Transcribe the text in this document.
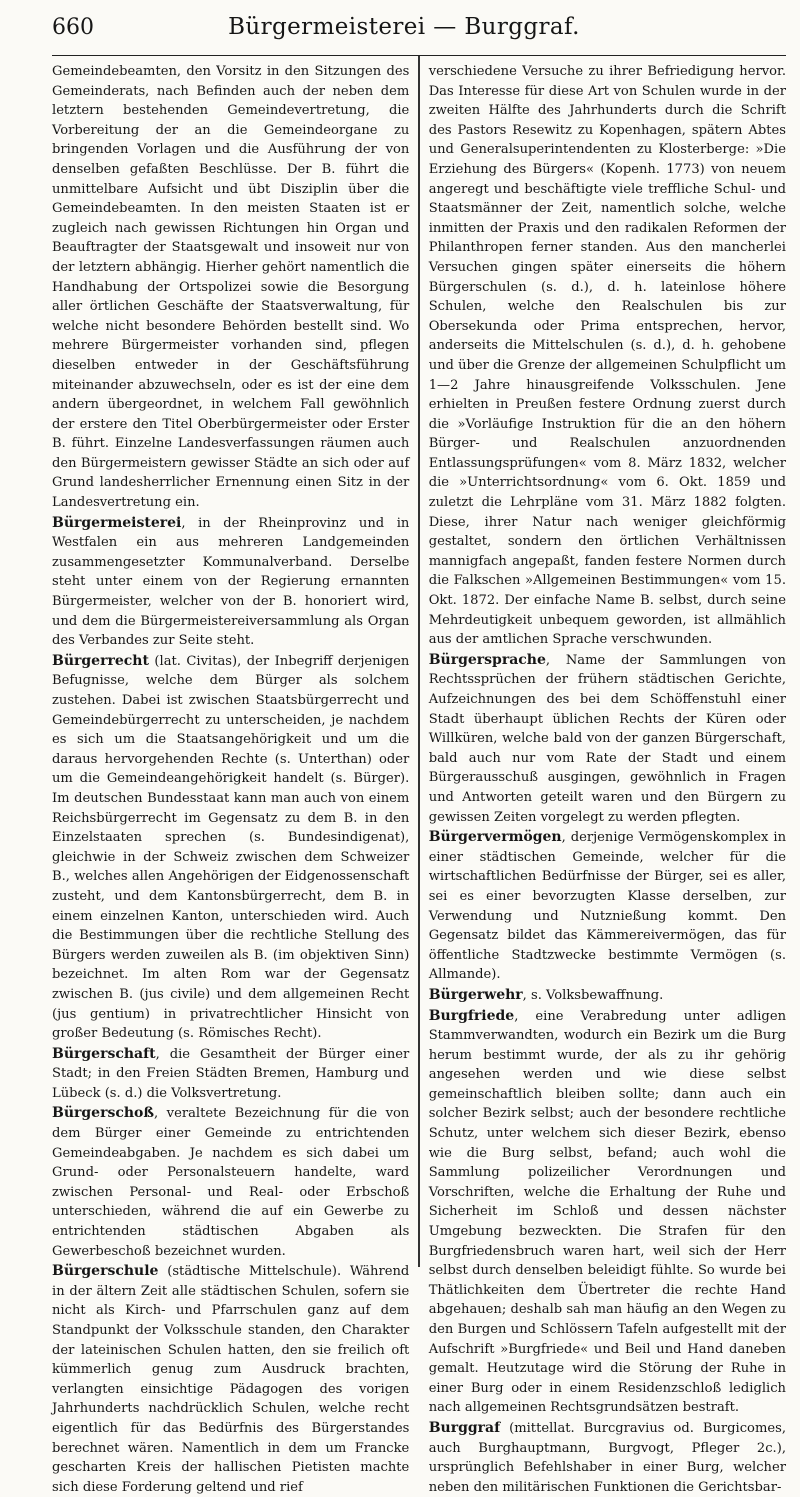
660	Bürgermeisterei — Burggraf.

Gemeindebeamten, den Vorsitz in den Sitzungen des Gemeinderats, nach Befinden auch der neben dem letztern bestehenden Gemeindevertretung, die Vorbereitung der an die Gemeindeorgane zu bringenden Vorlagen und die Ausführung der von denselben gefaßten Beschlüsse. Der B. führt die unmittelbare Aufsicht und übt Disziplin über die Gemeindebeamten. In den meisten Staaten ist er zugleich nach gewissen Richtungen hin Organ und Beauftragter der Staatsgewalt und insoweit nur von der letztern abhängig. Hierher gehört namentlich die Handhabung der Ortspolizei sowie die Besorgung aller örtlichen Geschäfte der Staatsverwaltung, für welche nicht besondere Behörden bestellt sind. Wo mehrere Bürgermeister vorhanden sind, pflegen dieselben entweder in der Geschäftsführung miteinander abzuwechseln, oder es ist der eine dem andern übergeordnet, in welchem Fall gewöhnlich der erstere den Titel Oberbürgermeister oder Erster B. führt. Einzelne Landesverfassungen räumen auch den Bürgermeistern gewisser Städte an sich oder auf Grund landesherrlicher Ernennung einen Sitz in der Landesvertretung ein.

Bürgermeisterei, in der Rheinprovinz und in Westfalen ein aus mehreren Landgemeinden zusammengesetzter Kommunalverband. Derselbe steht unter einem von der Regierung ernannten Bürgermeister, welcher von der B. honoriert wird, und dem die Bürgermeistereiversammlung als Organ des Verbandes zur Seite steht.

Bürgerrecht (lat. Civitas), der Inbegriff derjenigen Befugnisse, welche dem Bürger als solchem zustehen. Dabei ist zwischen Staatsbürgerrecht und Gemeindebürgerrecht zu unterscheiden, je nachdem es sich um die Staatsangehörigkeit und um die daraus hervorgehenden Rechte (s. Unterthan) oder um die Gemeindeangehörigkeit handelt (s. Bürger). Im deutschen Bundesstaat kann man auch von einem Reichsbürgerrecht im Gegensatz zu dem B. in den Einzelstaaten sprechen (s. Bundesindigenat), gleichwie in der Schweiz zwischen dem Schweizer B., welches allen Angehörigen der Eidgenossenschaft zusteht, und dem Kantonsbürgerrecht, dem B. in einem einzelnen Kanton, unterschieden wird. Auch die Bestimmungen über die rechtliche Stellung des Bürgers werden zuweilen als B. (im objektiven Sinn) bezeichnet. Im alten Rom war der Gegensatz zwischen B. (jus civile) und dem allgemeinen Recht (jus gentium) in privatrechtlicher Hinsicht von großer Bedeutung (s. Römisches Recht).

Bürgerschaft, die Gesamtheit der Bürger einer Stadt; in den Freien Städten Bremen, Hamburg und Lübeck (s. d.) die Volksvertretung.

Bürgerschoß, veraltete Bezeichnung für die von dem Bürger einer Gemeinde zu entrichtenden Gemeindeabgaben. Je nachdem es sich dabei um Grund- oder Personalsteuern handelte, ward zwischen Personal- und Real- oder Erbschoß unterschieden, während die auf ein Gewerbe zu entrichtenden städtischen Abgaben als Gewerbeschoß bezeichnet wurden.

Bürgerschule (städtische Mittelschule). Während in der ältern Zeit alle städtischen Schulen, sofern sie nicht als Kirch- und Pfarrschulen ganz auf dem Standpunkt der Volksschule standen, den Charakter der lateinischen Schulen hatten, den sie freilich oft kümmerlich genug zum Ausdruck brachten, verlangten einsichtige Pädagogen des vorigen Jahrhunderts nachdrücklich Schulen, welche recht eigentlich für das Bedürfnis des Bürgerstandes berechnet wären. Namentlich in dem um Francke gescharten Kreis der hallischen Pietisten machte sich diese Forderung geltend und rief

verschiedene Versuche zu ihrer Befriedigung hervor. Das Interesse für diese Art von Schulen wurde in der zweiten Hälfte des Jahrhunderts durch die Schrift des Pastors Resewitz zu Kopenhagen, spätern Abtes und Generalsuperintendenten zu Klosterberge: »Die Erziehung des Bürgers« (Kopenh. 1773) von neuem angeregt und beschäftigte viele treffliche Schul- und Staatsmänner der Zeit, namentlich solche, welche inmitten der Praxis und den radikalen Reformen der Philanthropen ferner standen. Aus den mancherlei Versuchen gingen später einerseits die höhern Bürgerschulen (s. d.), d. h. lateinlose höhere Schulen, welche den Realschulen bis zur Obersekunda oder Prima entsprechen, hervor, anderseits die Mittelschulen (s. d.), d. h. gehobene und über die Grenze der allgemeinen Schulpflicht um 1—2 Jahre hinausgreifende Volksschulen. Jene erhielten in Preußen festere Ordnung zuerst durch die »Vorläufige Instruktion für die an den höhern Bürger- und Realschulen anzuordnenden Entlassungsprüfungen« vom 8. März 1832, welcher die »Unterrichtsordnung« vom 6. Okt. 1859 und zuletzt die Lehrpläne vom 31. März 1882 folgten. Diese, ihrer Natur nach weniger gleichförmig gestaltet, sondern den örtlichen Verhältnissen mannigfach angepaßt, fanden festere Normen durch die Falkschen »Allgemeinen Bestimmungen« vom 15. Okt. 1872. Der einfache Name B. selbst, durch seine Mehrdeutigkeit unbequem geworden, ist allmählich aus der amtlichen Sprache verschwunden.

Bürgersprache, Name der Sammlungen von Rechtssprüchen der frühern städtischen Gerichte, Aufzeichnungen des bei dem Schöffenstuhl einer Stadt überhaupt üblichen Rechts der Küren oder Willküren, welche bald von der ganzen Bürgerschaft, bald auch nur vom Rate der Stadt und einem Bürgerausschuß ausgingen, gewöhnlich in Fragen und Antworten geteilt waren und den Bürgern zu gewissen Zeiten vorgelegt zu werden pflegten.

Bürgervermögen, derjenige Vermögenskomplex in einer städtischen Gemeinde, welcher für die wirtschaftlichen Bedürfnisse der Bürger, sei es aller, sei es einer bevorzugten Klasse derselben, zur Verwendung und Nutznießung kommt. Den Gegensatz bildet das Kämmereivermögen, das für öffentliche Stadtzwecke bestimmte Vermögen (s. Allmande).

Bürgerwehr, s. Volksbewaffnung.

Burgfriede, eine Verabredung unter adligen Stammverwandten, wodurch ein Bezirk um die Burg herum bestimmt wurde, der als zu ihr gehörig angesehen werden und wie diese selbst gemeinschaftlich bleiben sollte; dann auch ein solcher Bezirk selbst; auch der besondere rechtliche Schutz, unter welchem sich dieser Bezirk, ebenso wie die Burg selbst, befand; auch wohl die Sammlung polizeilicher Verordnungen und Vorschriften, welche die Erhaltung der Ruhe und Sicherheit im Schloß und dessen nächster Umgebung bezweckten. Die Strafen für den Burgfriedensbruch waren hart, weil sich der Herr selbst durch denselben beleidigt fühlte. So wurde bei Thätlichkeiten dem Übertreter die rechte Hand abgehauen; deshalb sah man häufig an den Wegen zu den Burgen und Schlössern Tafeln aufgestellt mit der Aufschrift »Burgfriede« und Beil und Hand daneben gemalt. Heutzutage wird die Störung der Ruhe in einer Burg oder in einem Residenzschloß lediglich nach allgemeinen Rechtsgrundsätzen bestraft.

Burggraf (mittellat. Burcgravius od. Burgicomes, auch Burghauptmann, Burgvogt, Pfleger 2c.), ursprünglich Befehlshaber in einer Burg, welcher neben den militärischen Funktionen die Gerichtsbar-
